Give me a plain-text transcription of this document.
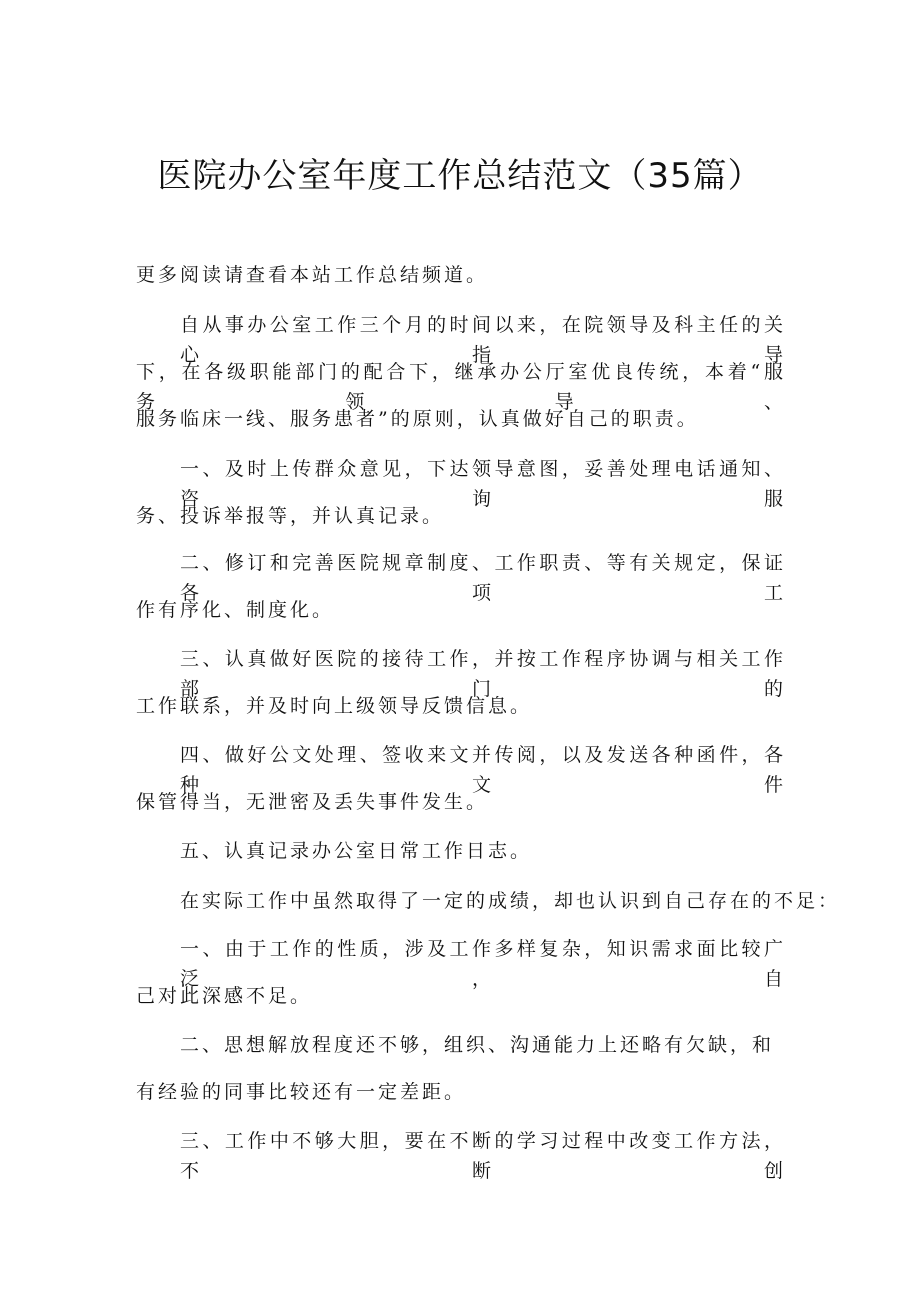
医院办公室年度工作总结范文（35篇）
更多阅读请查看本站工作总结频道。
自从事办公室工作三个月的时间以来，在院领导及科主任的关心指导
下，在各级职能部门的配合下，继承办公厅室优良传统，本着“服务领导、
服务临床一线、服务患者”的原则，认真做好自己的职责。
一、及时上传群众意见，下达领导意图，妥善处理电话通知、咨询服
务、投诉举报等，并认真记录。
二、修订和完善医院规章制度、工作职责、等有关规定，保证各项工
作有序化、制度化。
三、认真做好医院的接待工作，并按工作程序协调与相关工作部门的
工作联系，并及时向上级领导反馈信息。
四、做好公文处理、签收来文并传阅，以及发送各种函件，各种文件
保管得当，无泄密及丢失事件发生。
五、认真记录办公室日常工作日志。
在实际工作中虽然取得了一定的成绩，却也认识到自己存在的不足：
一、由于工作的性质，涉及工作多样复杂，知识需求面比较广泛，自
己对此深感不足。
二、思想解放程度还不够，组织、沟通能力上还略有欠缺，和
有经验的同事比较还有一定差距。
三、工作中不够大胆，要在不断的学习过程中改变工作方法，不断创
